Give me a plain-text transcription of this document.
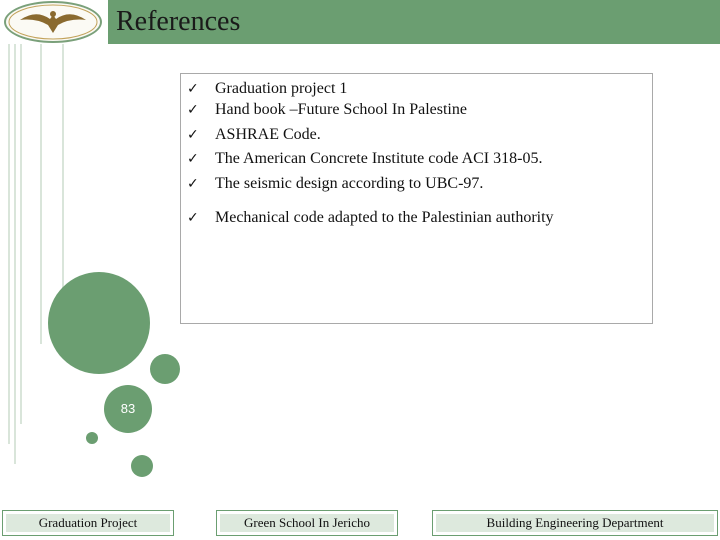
References
83
✓ Graduation project 1
✓ Hand book –Future School In Palestine
✓ ASHRAE Code.
✓ The American Concrete Institute code ACI 318-05.
✓ The seismic design according to UBC-97.
✓ Mechanical code adapted to the Palestinian authority
Graduation Project	Green School In Jericho	Building Engineering Department
